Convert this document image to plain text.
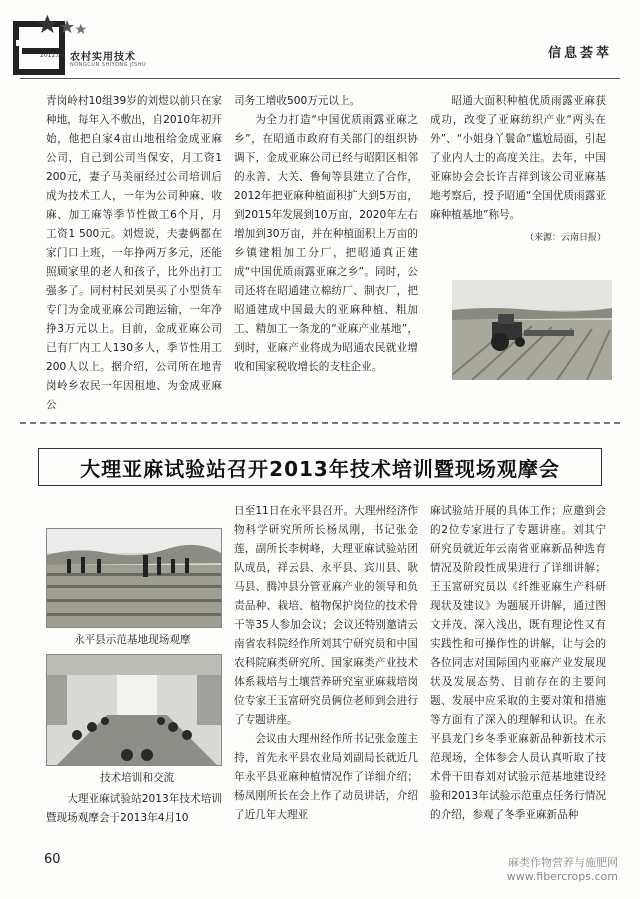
2012.06 农村实用技术
NONGCUN SHIYONG JISHU
信息荟萃

青岗岭村10组39岁的刘煜以前只在家种地，每年入不敷出，自2010年初开始，他把自家4亩山地租给金成亚麻公司，自己到公司当保安，月工资1 200元，妻子马美丽经过公司培训后成为技术工人，一年为公司种麻、收麻、加工麻等季节性做工6个月，月工资1 500元。刘煜说，夫妻俩都在家门口上班，一年挣两万多元，还能照顾家里的老人和孩子，比外出打工强多了。同村村民刘昊买了小型货车专门为金成亚麻公司跑运输，一年净挣3万元以上。目前，金成亚麻公司已有厂内工人130多人，季节性用工200人以上。据介绍，公司所在地青岗岭乡农民一年因租地、为金成亚麻公

司务工增收500万元以上。

为全力打造“中国优质雨露亚麻之乡”，在昭通市政府有关部门的组织协调下，金成亚麻公司已经与昭阳区相邻的永善、大关、鲁甸等县建立了合作，2012年把亚麻种植面积扩大到5万亩，到2015年发展到10万亩，2020年左右增加到30万亩，并在种植面积上万亩的乡镇建粗加工分厂，把昭通真正建成“中国优质雨露亚麻之乡”。同时，公司还将在昭通建立棉纺厂、制衣厂，把昭通建成中国最大的亚麻种植、粗加工、精加工一条龙的“亚麻产业基地”，到时，亚麻产业将成为昭通农民就业增收和国家税收增长的支柱企业。

昭通大面积种植优质雨露亚麻获成功，改变了亚麻纺织产业“两头在外”、“小姐身丫鬟命”尴尬局面，引起了业内人士的高度关注。去年，中国亚麻协会会长许吉祥到该公司亚麻基地考察后，授予昭通“全国优质雨露亚麻种植基地”称号。

（来源：云南日报）
大理亚麻试验站召开2013年技术培训暨现场观摩会
永平县示范基地现场观摩
技术培训和交流

大理亚麻试验站2013年技术培训暨现场观摩会于2013年4月10

日至11日在永平县召开。大理州经济作物科学研究所所长杨凤刚，书记张金莲，副所长李树峰，大理亚麻试验站团队成员，祥云县、永平县、宾川县、耿马县、腾冲县分管亚麻产业的领导和负责品种、栽培、植物保护岗位的技术骨干等35人参加会议；会议还特别邀请云南省农科院经作所刘其宁研究员和中国农科院麻类研究所、国家麻类产业技术体系栽培与土壤营养研究室亚麻栽培岗位专家王玉富研究员俩位老师到会进行了专题讲座。

会议由大理州经作所书记张金莲主持，首先永平县农业局刘副局长就近几年永平县亚麻种植情况作了详细介绍；杨凤刚所长在会上作了动员讲话，介绍了近几年大理亚

麻试验站开展的具体工作；应邀到会的2位专家进行了专题讲座。刘其宁研究员就近年云南省亚麻新品种选育情况及阶段性成果进行了详细讲解；王玉富研究员以《纤维亚麻生产科研现状及建议》为题展开讲解，通过图文并茂、深入浅出，既有理论性又有实践性和可操作性的讲解，让与会的各位同志对国际国内亚麻产业发展现状及发展态势、目前存在的主要问题、发展中应采取的主要对策和措施等方面有了深入的理解和认识。在永平县龙门乡冬季亚麻新品种新技术示范现场，全体参会人员认真听取了技术骨干田春刘对试验示范基地建设经验和2013年试验示范重点任务行情况的介绍，参观了冬季亚麻新品种

60	麻类作物营养与施肥网
www.fibercrops.com
